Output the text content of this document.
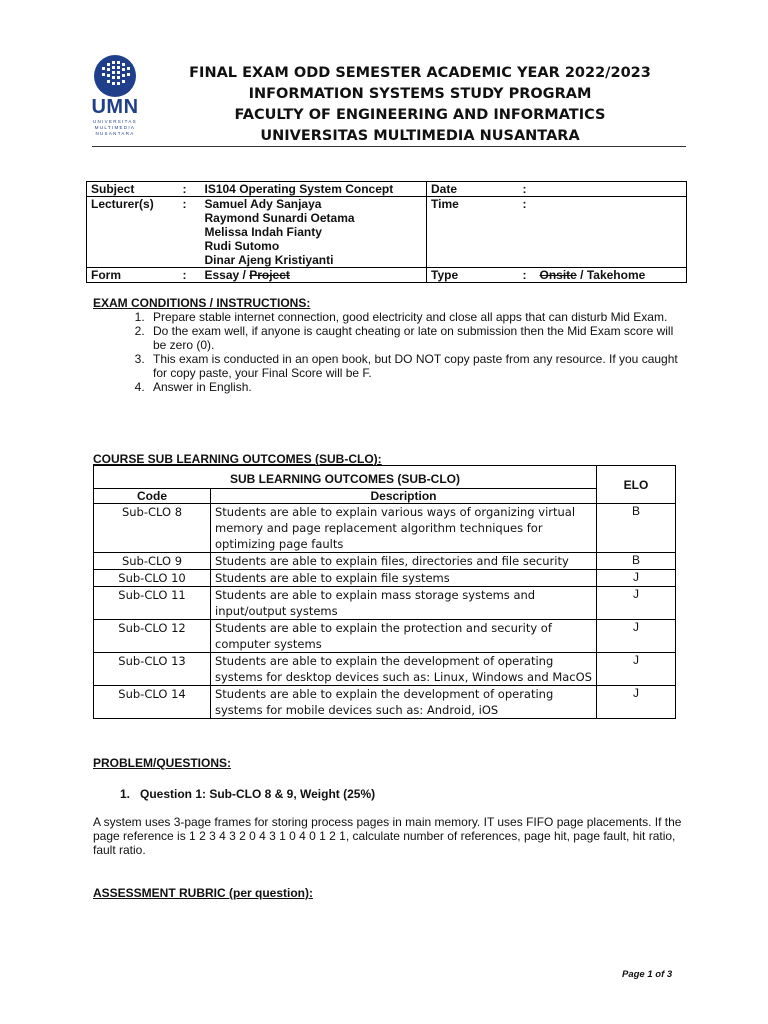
UMN
UNIVERSITAS
MULTIMEDIA
NUSANTARA
FINAL EXAM ODD SEMESTER ACADEMIC YEAR 2022/2023
INFORMATION SYSTEMS STUDY PROGRAM
FACULTY OF ENGINEERING AND INFORMATICS
UNIVERSITAS MULTIMEDIA NUSANTARA
Subject	:	IS104 Operating System Concept	Date	:	
Lecturer(s)	:	Samuel Ady Sanjaya
Raymond Sunardi Oetama
Melissa Indah Fianty
Rudi Sutomo
Dinar Ajeng Kristiyanti	Time	:	
Form	:	Essay / Project	Type	:	Onsite / Takehome
EXAM CONDITIONS / INSTRUCTIONS:
1. Prepare stable internet connection, good electricity and close all apps that can disturb Mid Exam.
2. Do the exam well, if anyone is caught cheating or late on submission then the Mid Exam score will be zero (0).
3. This exam is conducted in an open book, but DO NOT copy paste from any resource. If you caught for copy paste, your Final Score will be F.
4. Answer in English.
COURSE SUB LEARNING OUTCOMES (SUB-CLO):
SUB LEARNING OUTCOMES (SUB-CLO)		ELO
Code	Description	
Sub-CLO 8	Students are able to explain various ways of organizing virtual memory and page replacement algorithm techniques for optimizing page faults	B
Sub-CLO 9	Students are able to explain files, directories and file security	B
Sub-CLO 10	Students are able to explain file systems	J
Sub-CLO 11	Students are able to explain mass storage systems and input/output systems	J
Sub-CLO 12	Students are able to explain the protection and security of computer systems	J
Sub-CLO 13	Students are able to explain the development of operating systems for desktop devices such as: Linux, Windows and MacOS	J
Sub-CLO 14	Students are able to explain the development of operating systems for mobile devices such as: Android, iOS	J
PROBLEM/QUESTIONS:
1. Question 1: Sub-CLO 8 & 9, Weight (25%)
A system uses 3-page frames for storing process pages in main memory. IT uses FIFO page placements. If the page reference is 1 2 3 4 3 2 0 4 3 1 0 4 0 1 2 1, calculate number of references, page hit, page fault, hit ratio, fault ratio.
ASSESSMENT RUBRIC (per question):
Page 1 of 3
